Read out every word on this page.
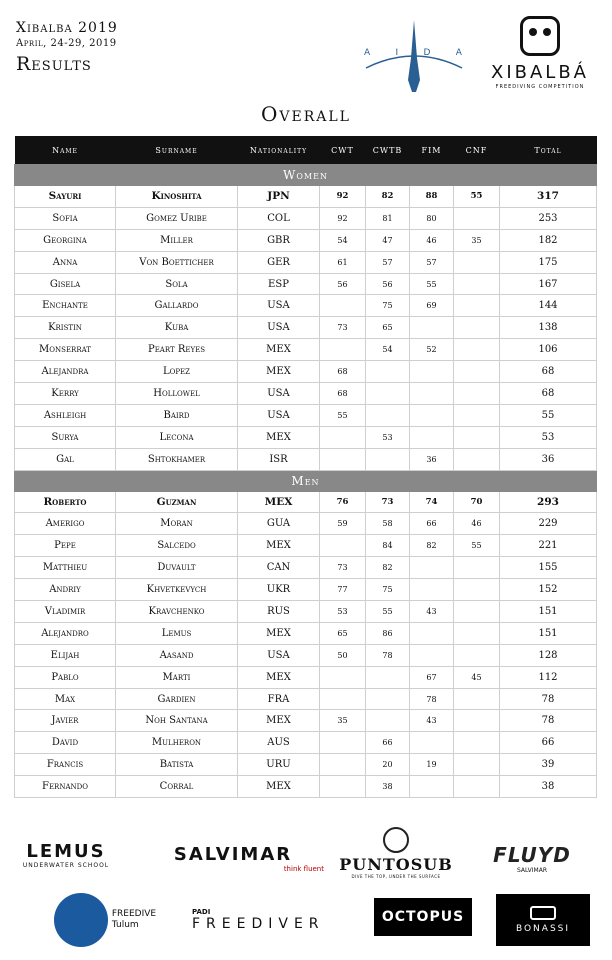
Xibalba 2019
April, 24-29, 2019
Results	A	I	D	A
XIBALBÁ
FREEDIVING COMPETITION
Overall
Name	Surname	Nationality	CWT	CWTB	FIM	CNF	Total
Women							
Sayuri	Kinoshita	JPN	92	82	88	55	317
Sofia	Gomez Uribe	COL	92	81	80		253
Georgina	Miller	GBR	54	47	46	35	182
Anna	Von Boetticher	GER	61	57	57		175
Gisela	Sola	ESP	56	56	55		167
Enchante	Gallardo	USA		75	69		144
Kristin	Kuba	USA	73	65			138
Monserrat	Peart Reyes	MEX		54	52		106
Alejandra	Lopez	MEX	68				68
Kerry	Hollowel	USA	68				68
Ashleigh	Baird	USA	55				55
Surya	Lecona	MEX		53			53
Gal	Shtokhamer	ISR			36		36
Men							
Roberto	Guzman	MEX	76	73	74	70	293
Amerigo	Moran	GUA	59	58	66	46	229
Pepe	Salcedo	MEX		84	82	55	221
Matthieu	Duvault	CAN	73	82			155
Andriy	Khvetkevych	UKR	77	75			152
Vladimir	Kravchenko	RUS	53	55	43		151
Alejandro	Lemus	MEX	65	86			151
Elijah	Aasand	USA	50	78			128
Pablo	Marti	MEX			67	45	112
Max	Gardien	FRA			78		78
Javier	Noh Santana	MEX	35		43		78
David	Mulheron	AUS		66			66
Francis	Batista	URU		20	19		39
Fernando	Corral	MEX		38			38
LEMUS
UNDERWATER SCHOOL
SALVIMAR
think fluent PUNTOSUB
DIVE THE TOP, UNDER THE SURFACE
FLUYD
SALVIMAR
FREEDIVE
Tulum
PADI
FREEDIVER	OCTOPUS
BONASSI
